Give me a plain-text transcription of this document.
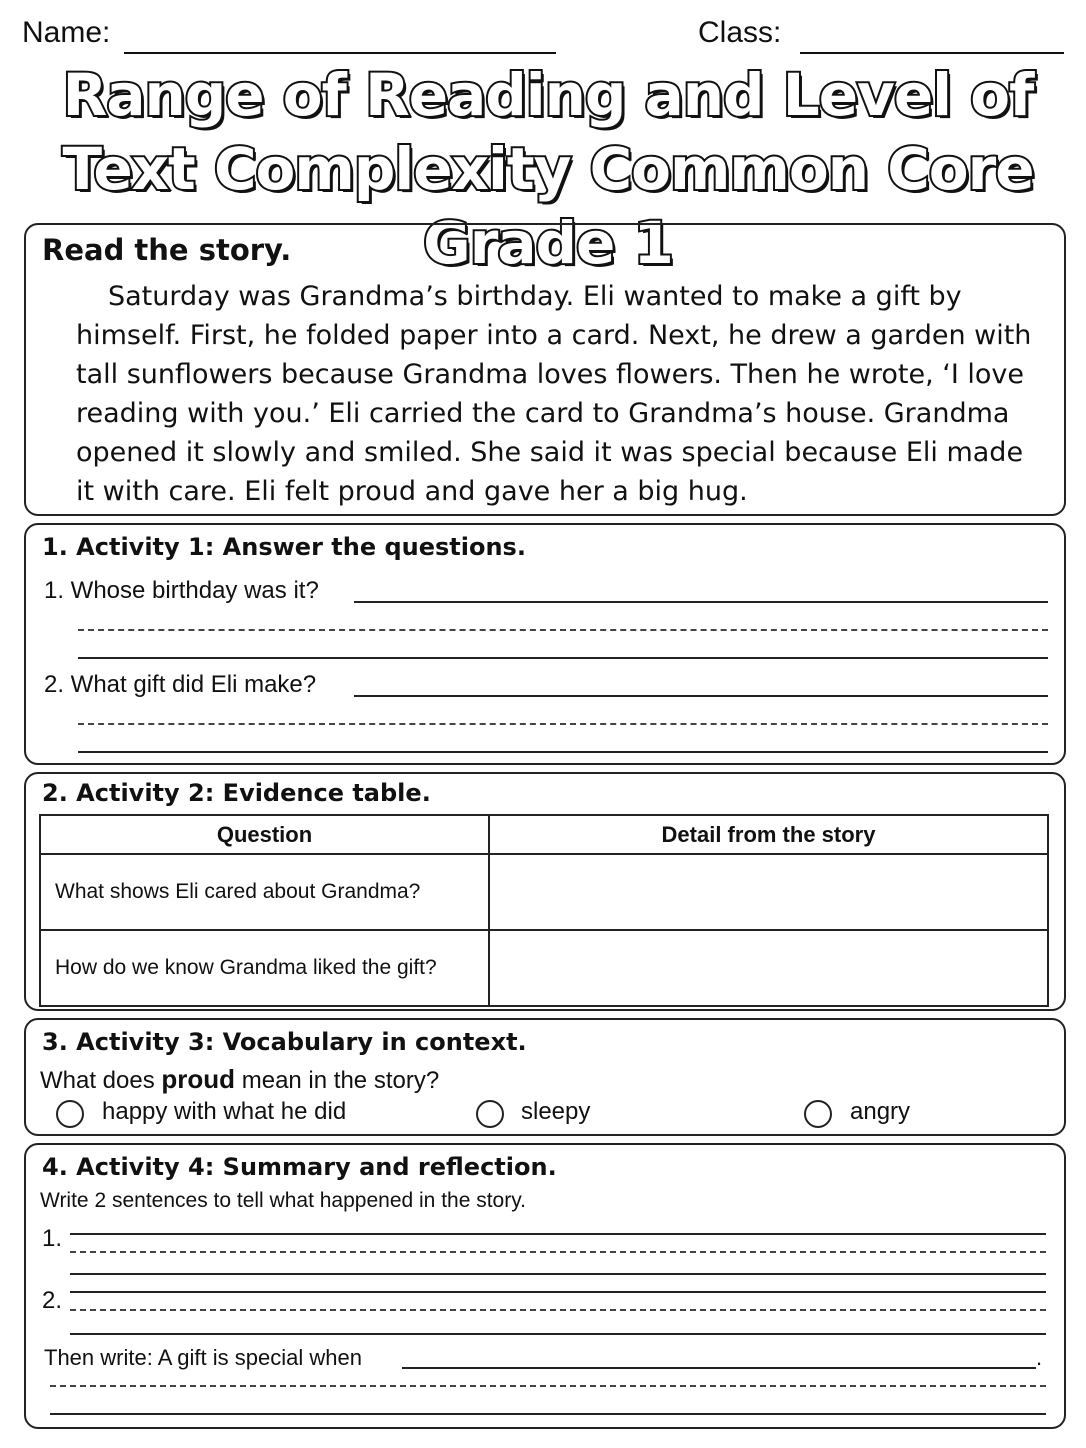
Name:	Class:
Range of Reading and Level of
Text Complexity Common Core Grade 1
Read the story.

Saturday was Grandma’s birthday. Eli wanted to make a gift by himself. First, he folded paper into a card. Next, he drew a garden with tall sunflowers because Grandma loves flowers. Then he wrote, ‘I love reading with you.’ Eli carried the card to Grandma’s house. Grandma opened it slowly and smiled. She said it was special because Eli made it with care. Eli felt proud and gave her a big hug.

1. Activity 1: Answer the questions.
1. Whose birthday was it?
2. What gift did Eli make?
2. Activity 2: Evidence table.
Question	Detail from the story
What shows Eli cared about Grandma?	
How do we know Grandma liked the gift?	
3. Activity 3: Vocabulary in context.
What does proud mean in the story?
happy with what he did	sleepy	angry
4. Activity 4: Summary and reflection.
Write 2 sentences to tell what happened in the story.
1.
2.
Then write: A gift is special when	.
